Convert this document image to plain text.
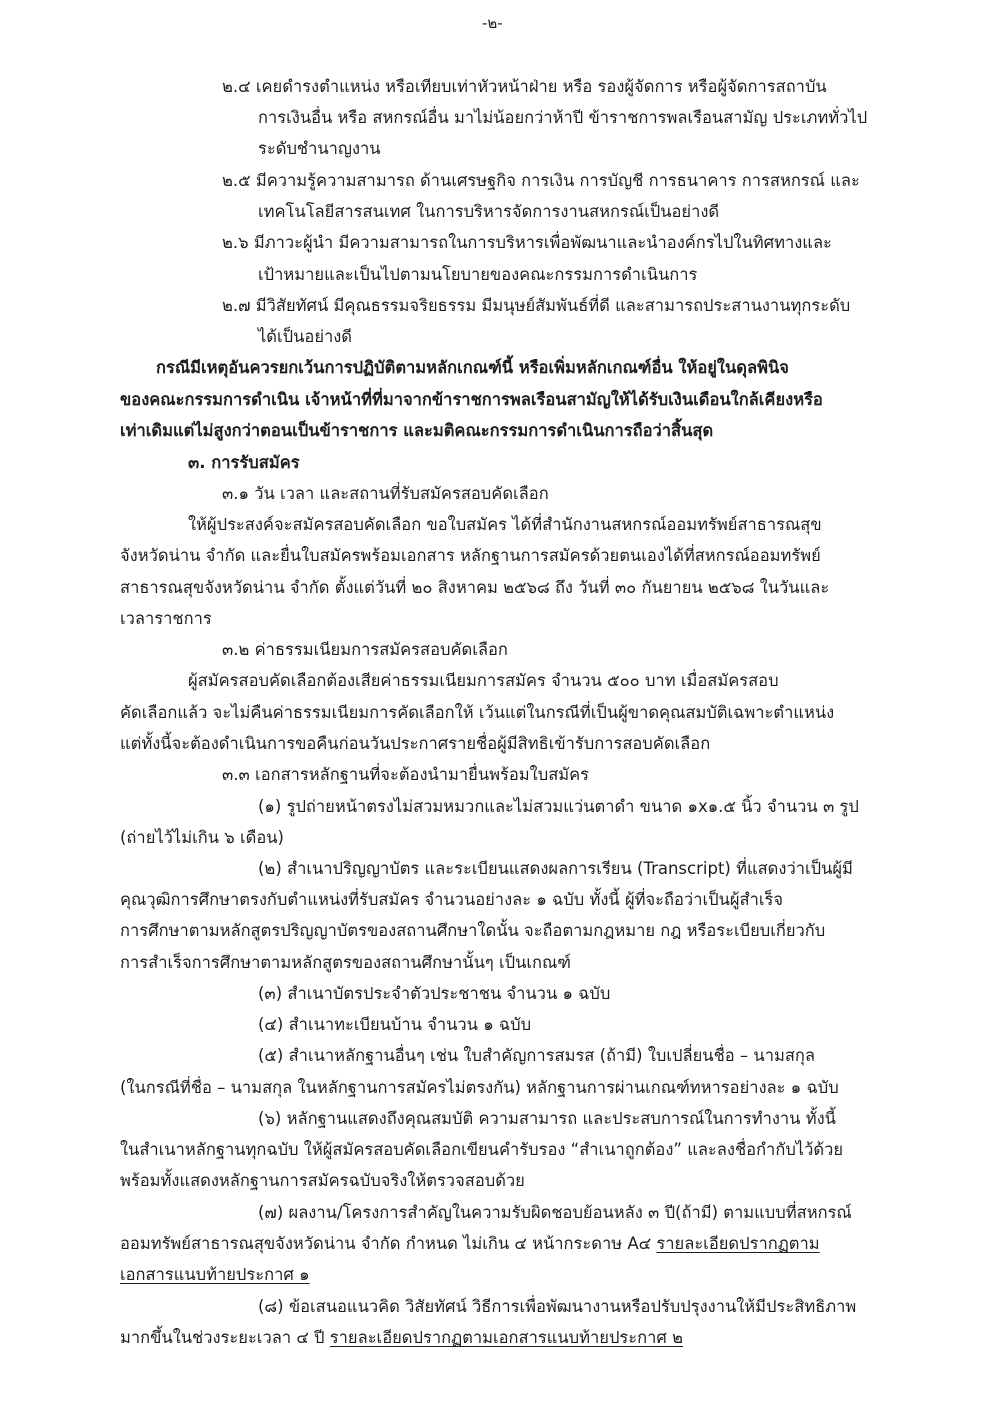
-๒-

๒.๔ เคยดำรงตำแหน่ง หรือเทียบเท่าหัวหน้าฝ่าย หรือ รองผู้จัดการ หรือผู้จัดการสถาบัน

การเงินอื่น หรือ สหกรณ์อื่น มาไม่น้อยกว่าห้าปี ข้าราชการพลเรือนสามัญ ประเภททั่วไป

ระดับชำนาญงาน

๒.๕ มีความรู้ความสามารถ ด้านเศรษฐกิจ การเงิน การบัญชี การธนาคาร การสหกรณ์ และ

เทคโนโลยีสารสนเทศ ในการบริหารจัดการงานสหกรณ์เป็นอย่างดี

๒.๖ มีภาวะผู้นำ มีความสามารถในการบริหารเพื่อพัฒนาและนำองค์กรไปในทิศทางและ

เป้าหมายและเป็นไปตามนโยบายของคณะกรรมการดำเนินการ

๒.๗ มีวิสัยทัศน์ มีคุณธรรมจริยธรรม มีมนุษย์สัมพันธ์ที่ดี และสามารถประสานงานทุกระดับ

ได้เป็นอย่างดี

กรณีมีเหตุอันควรยกเว้นการปฏิบัติตามหลักเกณฑ์นี้ หรือเพิ่มหลักเกณฑ์อื่น ให้อยู่ในดุลพินิจ

ของคณะกรรมการดำเนิน เจ้าหน้าที่ที่มาจากข้าราชการพลเรือนสามัญให้ได้รับเงินเดือนใกล้เคียงหรือ

เท่าเดิมแต่ไม่สูงกว่าตอนเป็นข้าราชการ และมติคณะกรรมการดำเนินการถือว่าสิ้นสุด

๓. การรับสมัคร

๓.๑ วัน เวลา และสถานที่รับสมัครสอบคัดเลือก

ให้ผู้ประสงค์จะสมัครสอบคัดเลือก ขอใบสมัคร ได้ที่สำนักงานสหกรณ์ออมทรัพย์สาธารณสุข

จังหวัดน่าน จำกัด และยื่นใบสมัครพร้อมเอกสาร หลักฐานการสมัครด้วยตนเองได้ที่สหกรณ์ออมทรัพย์

สาธารณสุขจังหวัดน่าน จำกัด ตั้งแต่วันที่ ๒๐ สิงหาคม ๒๕๖๘ ถึง วันที่ ๓๐ กันยายน ๒๕๖๘ ในวันและ

เวลาราชการ

๓.๒ ค่าธรรมเนียมการสมัครสอบคัดเลือก

ผู้สมัครสอบคัดเลือกต้องเสียค่าธรรมเนียมการสมัคร จำนวน ๕๐๐ บาท เมื่อสมัครสอบ

คัดเลือกแล้ว จะไม่คืนค่าธรรมเนียมการคัดเลือกให้ เว้นแต่ในกรณีที่เป็นผู้ขาดคุณสมบัติเฉพาะตำแหน่ง

แต่ทั้งนี้จะต้องดำเนินการขอคืนก่อนวันประกาศรายชื่อผู้มีสิทธิเข้ารับการสอบคัดเลือก

๓.๓ เอกสารหลักฐานที่จะต้องนำมายื่นพร้อมใบสมัคร

(๑) รูปถ่ายหน้าตรงไม่สวมหมวกและไม่สวมแว่นตาดำ ขนาด ๑x๑.๕ นิ้ว จำนวน ๓ รูป

(ถ่ายไว้ไม่เกิน ๖ เดือน)

(๒) สำเนาปริญญาบัตร และระเบียนแสดงผลการเรียน (Transcript) ที่แสดงว่าเป็นผู้มี

คุณวุฒิการศึกษาตรงกับตำแหน่งที่รับสมัคร จำนวนอย่างละ ๑ ฉบับ ทั้งนี้ ผู้ที่จะถือว่าเป็นผู้สำเร็จ

การศึกษาตามหลักสูตรปริญญาบัตรของสถานศึกษาใดนั้น จะถือตามกฎหมาย กฎ หรือระเบียบเกี่ยวกับ

การสำเร็จการศึกษาตามหลักสูตรของสถานศึกษานั้นๆ เป็นเกณฑ์

(๓) สำเนาบัตรประจำตัวประชาชน จำนวน ๑ ฉบับ

(๔) สำเนาทะเบียนบ้าน จำนวน ๑ ฉบับ

(๕) สำเนาหลักฐานอื่นๆ เช่น ใบสำคัญการสมรส (ถ้ามี) ใบเปลี่ยนชื่อ – นามสกุล

(ในกรณีที่ชื่อ – นามสกุล ในหลักฐานการสมัครไม่ตรงกัน) หลักฐานการผ่านเกณฑ์ทหารอย่างละ ๑ ฉบับ

(๖) หลักฐานแสดงถึงคุณสมบัติ ความสามารถ และประสบการณ์ในการทำงาน ทั้งนี้

ในสำเนาหลักฐานทุกฉบับ ให้ผู้สมัครสอบคัดเลือกเขียนคำรับรอง “สำเนาถูกต้อง” และลงชื่อกำกับไว้ด้วย

พร้อมทั้งแสดงหลักฐานการสมัครฉบับจริงให้ตรวจสอบด้วย

(๗) ผลงาน/โครงการสำคัญในความรับผิดชอบย้อนหลัง ๓ ปี(ถ้ามี) ตามแบบที่สหกรณ์

ออมทรัพย์สาธารณสุขจังหวัดน่าน จำกัด กำหนด ไม่เกิน ๔ หน้ากระดาษ A๔ รายละเอียดปรากฏตาม

เอกสารแนบท้ายประกาศ ๑

(๘) ข้อเสนอแนวคิด วิสัยทัศน์ วิธีการเพื่อพัฒนางานหรือปรับปรุงงานให้มีประสิทธิภาพ

มากขึ้นในช่วงระยะเวลา ๔ ปี รายละเอียดปรากฏตามเอกสารแนบท้ายประกาศ ๒
